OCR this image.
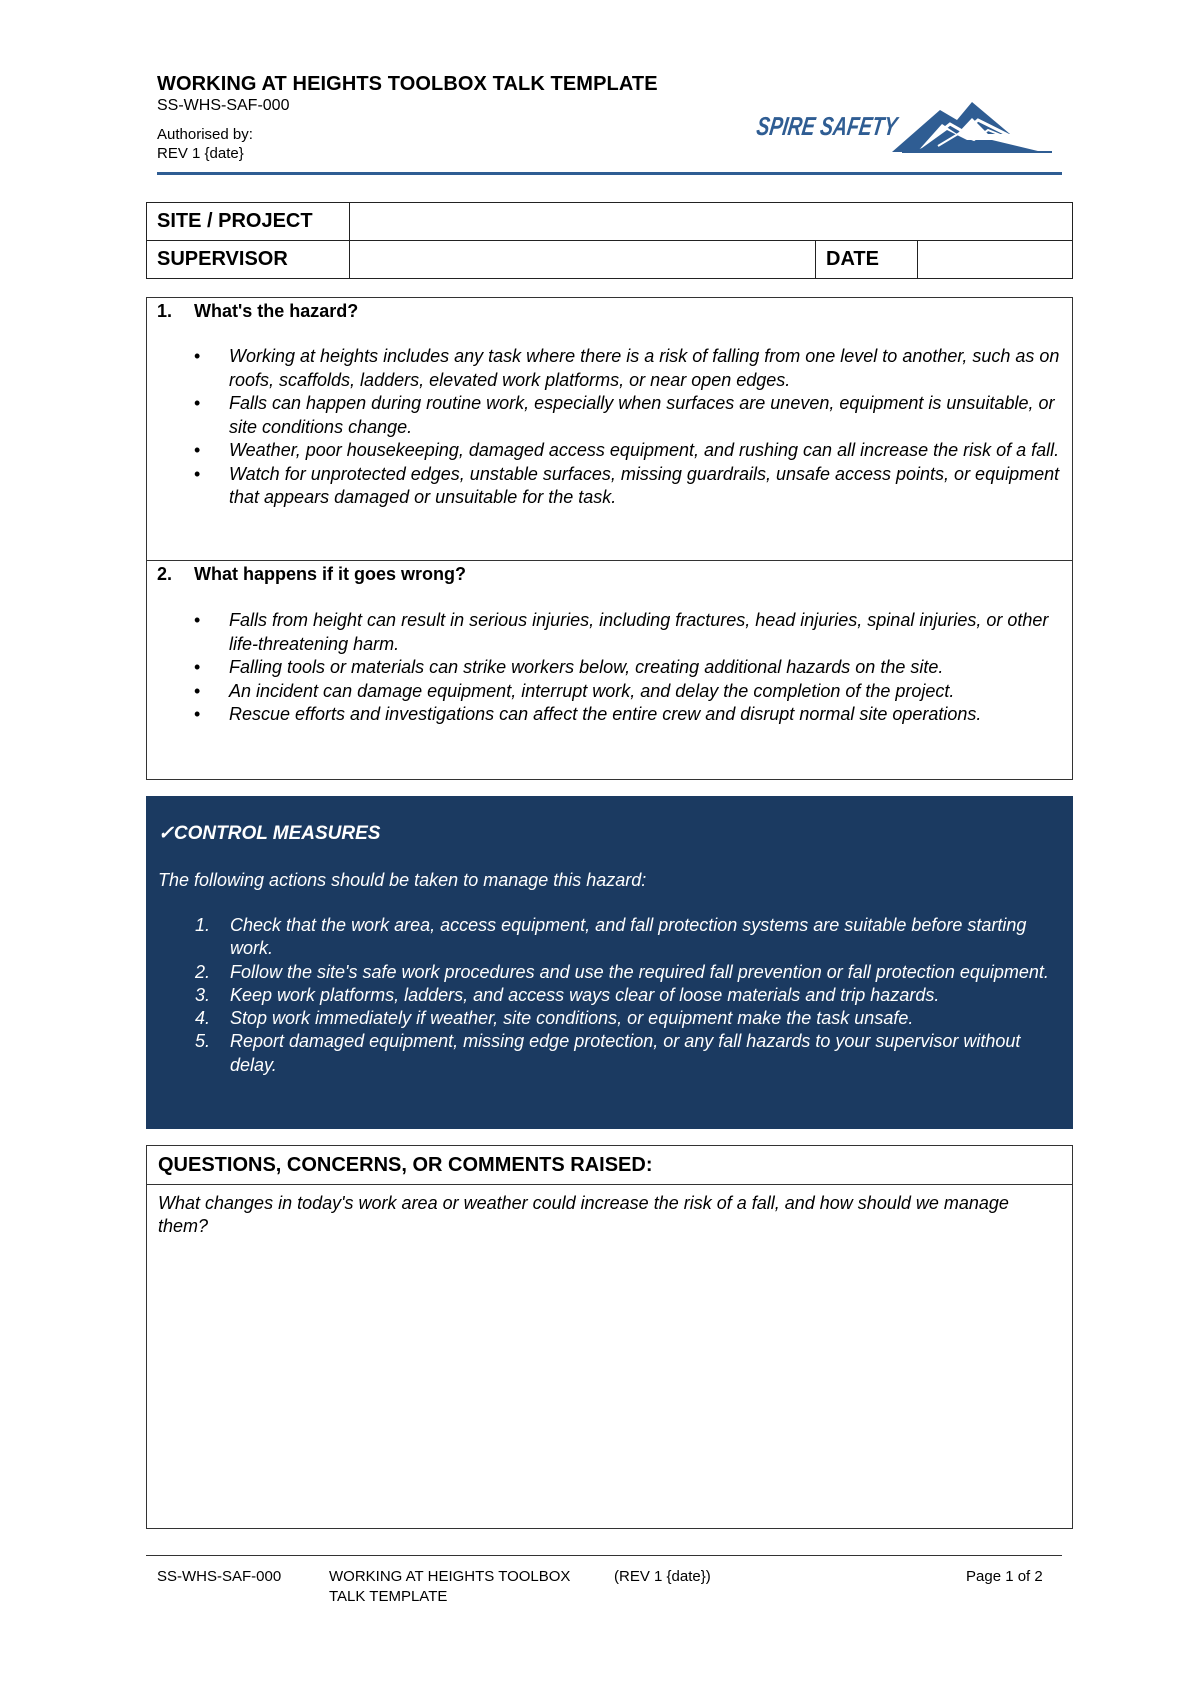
WORKING AT HEIGHTS TOOLBOX TALK TEMPLATE
SS-WHS-SAF-000
Authorised by:
REV 1 {date}
SPIRE SAFETY
SITE / PROJECT			
SUPERVISOR		DATE	
1.	What's the hazard?
• Working at heights includes any task where there is a risk of falling from one level to another, such as on roofs, scaffolds, ladders, elevated work platforms, or near open edges.
• Falls can happen during routine work, especially when surfaces are uneven, equipment is unsuitable, or site conditions change.
• Weather, poor housekeeping, damaged access equipment, and rushing can all increase the risk of a fall.
• Watch for unprotected edges, unstable surfaces, missing guardrails, unsafe access points, or equipment that appears damaged or unsuitable for the task.
2.	What happens if it goes wrong?
• Falls from height can result in serious injuries, including fractures, head injuries, spinal injuries, or other life-threatening harm.
• Falling tools or materials can strike workers below, creating additional hazards on the site.
• An incident can damage equipment, interrupt work, and delay the completion of the project.
• Rescue efforts and investigations can affect the entire crew and disrupt normal site operations.
✓CONTROL MEASURES
The following actions should be taken to manage this hazard:
1. Check that the work area, access equipment, and fall protection systems are suitable before starting work.
2. Follow the site's safe work procedures and use the required fall prevention or fall protection equipment.
3. Keep work platforms, ladders, and access ways clear of loose materials and trip hazards.
4. Stop work immediately if weather, site conditions, or equipment make the task unsafe.
5. Report damaged equipment, missing edge protection, or any fall hazards to your supervisor without delay.
QUESTIONS, CONCERNS, OR COMMENTS RAISED:
What changes in today's work area or weather could increase the risk of a fall, and how should we manage them?
SS-WHS-SAF-000	WORKING AT HEIGHTS TOOLBOX
TALK TEMPLATE
(REV 1 {date})	Page 1 of 2
